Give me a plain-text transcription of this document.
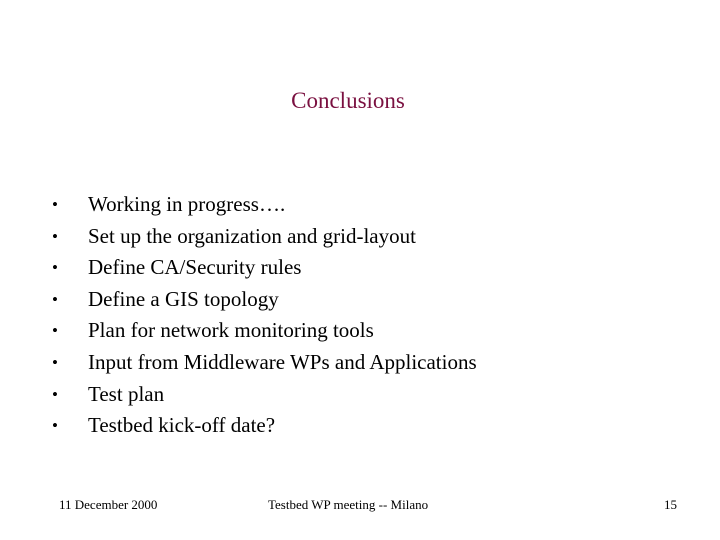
Conclusions
• Working in progress….
• Set up the organization and grid-layout
• Define CA/Security rules
• Define a GIS topology
• Plan for network monitoring tools
• Input from Middleware WPs and Applications
• Test plan
• Testbed kick-off date?
11 December 2000	Testbed WP meeting -- Milano	15
